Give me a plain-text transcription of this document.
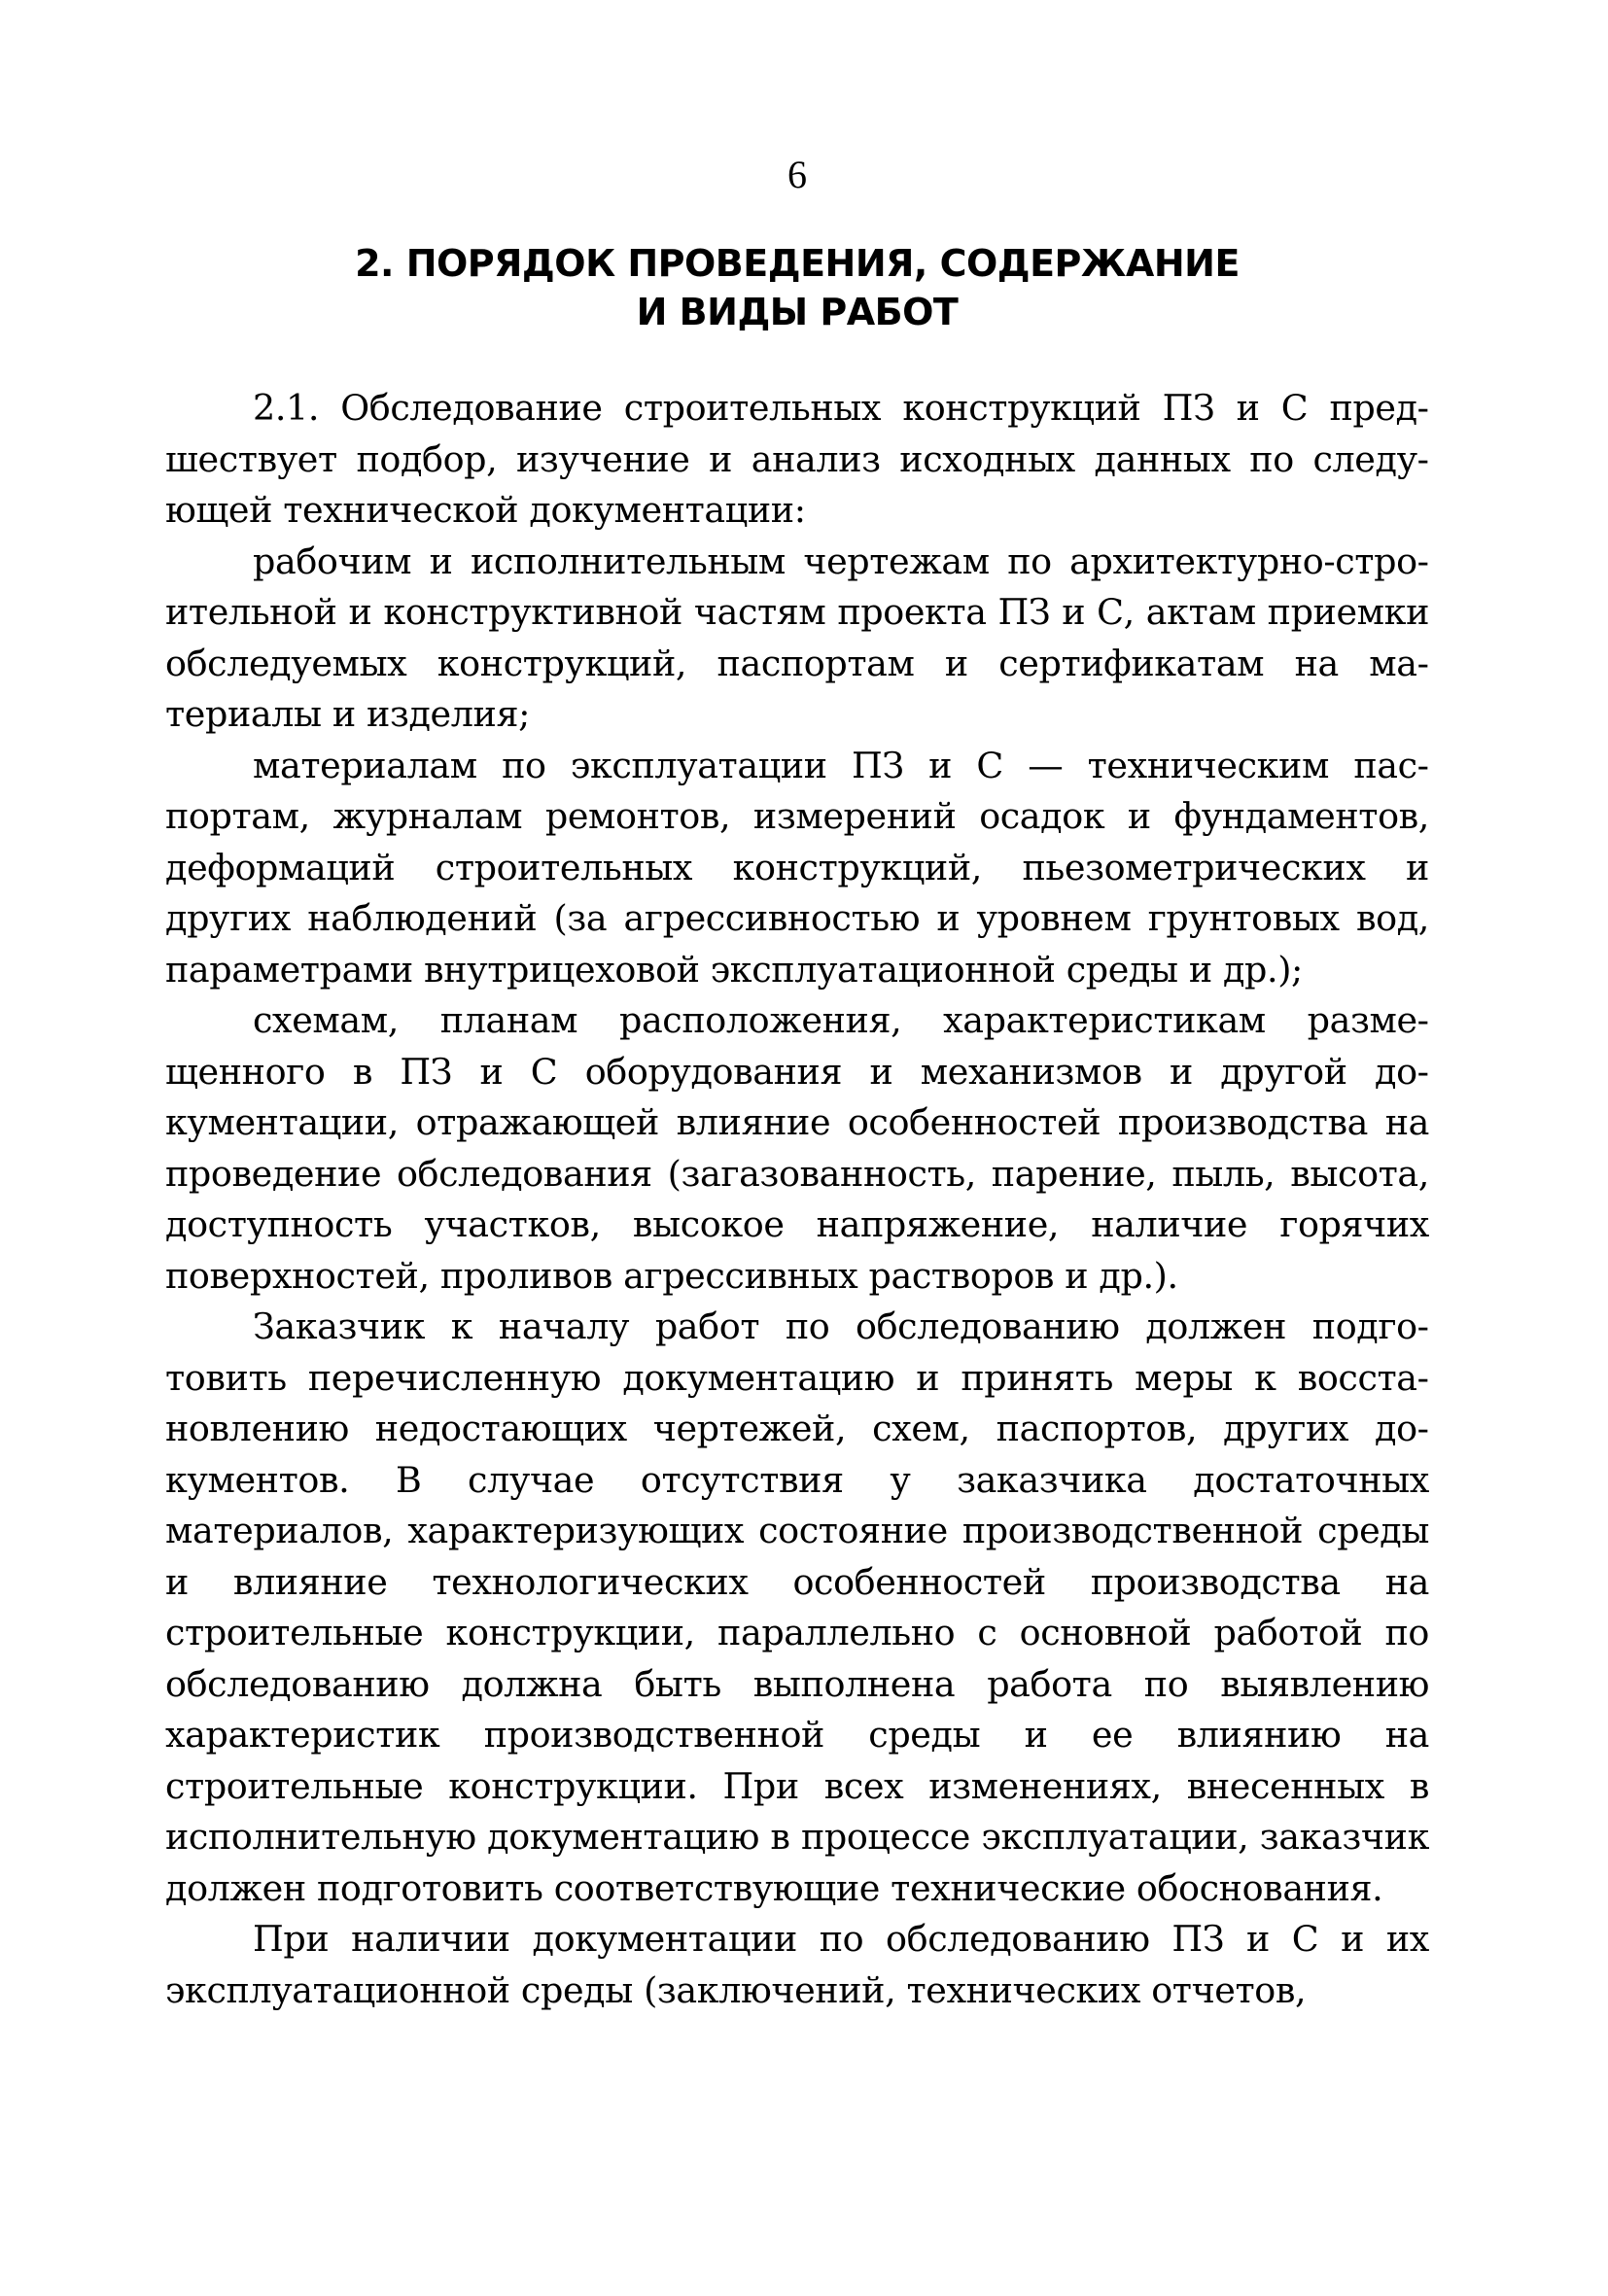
6
2. ПОРЯДОК ПРОВЕДЕНИЯ, СОДЕРЖАНИЕ
И ВИДЫ РАБОТ

2.1. Обследование строительных конструкций ПЗ и С предшествует подбор, изучение и анализ исходных данных по следующей технической документации:

рабочим и исполнительным чертежам по архитектурно-строительной и конструктивной частям проекта ПЗ и С, актам приемки обследуемых конструкций, паспортам и сертификатам на материалы и изделия;

материалам по эксплуатации ПЗ и С — техническим паспортам, журналам ремонтов, измерений осадок и фундаментов, деформаций строительных конструкций, пьезометрических и других наблюдений (за агрессивностью и уровнем грунтовых вод, параметрами внутрицеховой эксплуатационной среды и др.);

схемам, планам расположения, характеристикам размещенного в ПЗ и С оборудования и механизмов и другой документации, отражающей влияние особенностей производства на проведение обследования (загазованность, парение, пыль, высота, доступность участков, высокое напряжение, наличие горячих поверхностей, проливов агрессивных растворов и др.).

Заказчик к началу работ по обследованию должен подготовить перечисленную документацию и принять меры к восстановлению недостающих чертежей, схем, паспортов, других документов. В случае отсутствия у заказчика достаточных материалов, характеризующих состояние производственной среды и влияние технологических особенностей производства на строительные конструкции, параллельно с основной работой по обследованию должна быть выполнена работа по выявлению характеристик производственной среды и ее влиянию на строительные конструкции. При всех изменениях, внесенных в исполнительную документацию в процессе эксплуатации, заказчик должен подготовить соответствующие технические обоснования.

При наличии документации по обследованию ПЗ и С и их эксплуатационной среды (заключений, технических отчетов,
